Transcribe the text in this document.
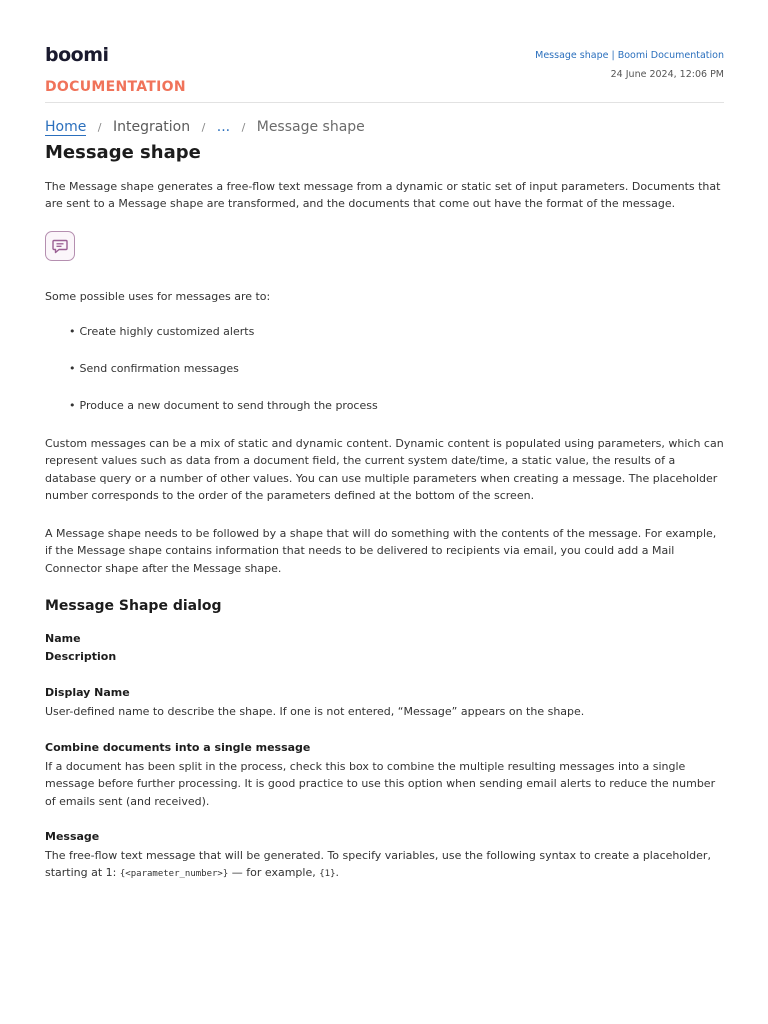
boomi
DOCUMENTATION
Message shape | Boomi Documentation
24 June 2024, 12:06 PM
Home / Integration / ... / Message shape
Message shape

The Message shape generates a free-flow text message from a dynamic or static set of input parameters. Documents that are sent to a Message shape are transformed, and the documents that come out have the format of the message.

Some possible uses for messages are to:

• Create highly customized alerts
• Send confirmation messages
• Produce a new document to send through the process

Custom messages can be a mix of static and dynamic content. Dynamic content is populated using parameters, which can represent values such as data from a document field, the current system date/time, a static value, the results of a database query or a number of other values. You can use multiple parameters when creating a message. The placeholder number corresponds to the order of the parameters defined at the bottom of the screen.

A Message shape needs to be followed by a shape that will do something with the contents of the message. For example, if the Message shape contains information that needs to be delivered to recipients via email, you could add a Mail Connector shape after the Message shape.

Message Shape dialog
Name
Description
Display Name

User-defined name to describe the shape. If one is not entered, “Message” appears on the shape.

Combine documents into a single message

If a document has been split in the process, check this box to combine the multiple resulting messages into a single message before further processing. It is good practice to use this option when sending email alerts to reduce the number of emails sent (and received).

Message

The free-flow text message that will be generated. To specify variables, use the following syntax to create a placeholder, starting at 1: {<parameter_number>} — for example, {1}.
